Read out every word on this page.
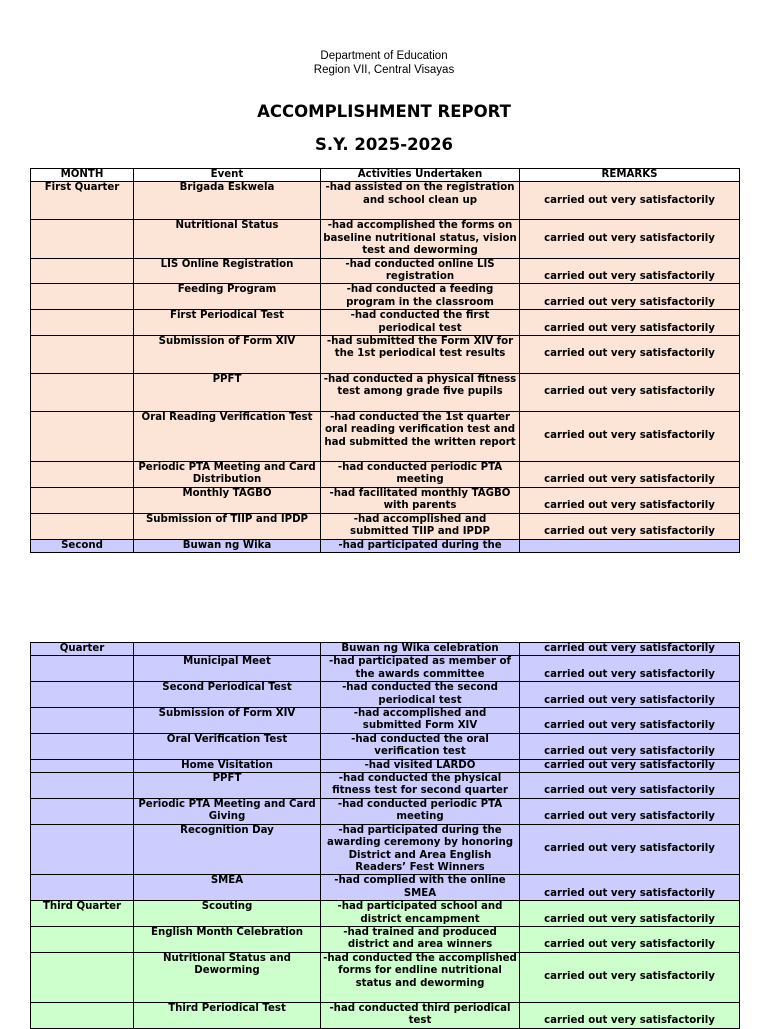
Department of Education
Region VII, Central Visayas
ACCOMPLISHMENT REPORT
S.Y. 2025-2026
MONTH	Event	Activities Undertaken	REMARKS
First Quarter	Brigada Eskwela	-had assisted on the registration and school clean up	carried out very satisfactorily
	Nutritional Status	-had accomplished the forms on baseline nutritional status, vision test and deworming	carried out very satisfactorily
	LIS Online Registration	-had conducted online LIS registration	carried out very satisfactorily
	Feeding Program	-had conducted a feeding program in the classroom	carried out very satisfactorily
	First Periodical Test	-had conducted the first periodical test	carried out very satisfactorily
	Submission of Form XIV	-had submitted the Form XIV for the 1st periodical test results	carried out very satisfactorily
	PPFT	-had conducted a physical fitness test among grade five pupils	carried out very satisfactorily
	Oral Reading Verification Test	-had conducted the 1st quarter oral reading verification test and had submitted the written report	carried out very satisfactorily
	Periodic PTA Meeting and Card Distribution	-had conducted periodic PTA meeting	carried out very satisfactorily
	Monthly TAGBO	-had facilitated monthly TAGBO with parents	carried out very satisfactorily
	Submission of TIIP and IPDP	-had accomplished and submitted TIIP and IPDP	carried out very satisfactorily
Second	Buwan ng Wika	-had participated during the	
Quarter		Buwan ng Wika celebration	carried out very satisfactorily
	Municipal Meet	-had participated as member of the awards committee	carried out very satisfactorily
	Second Periodical Test	-had conducted the second periodical test	carried out very satisfactorily
	Submission of Form XIV	-had accomplished and submitted Form XIV	carried out very satisfactorily
	Oral Verification Test	-had conducted the oral verification test	carried out very satisfactorily
	Home Visitation	-had visited LARDO	carried out very satisfactorily
	PPFT	-had conducted the physical fitness test for second quarter	carried out very satisfactorily
	Periodic PTA Meeting and Card Giving	-had conducted periodic PTA meeting	carried out very satisfactorily
	Recognition Day	-had participated during the awarding ceremony by honoring District and Area English Readers’ Fest Winners	carried out very satisfactorily
	SMEA	-had complied with the online SMEA	carried out very satisfactorily
Third Quarter	Scouting	-had participated school and district encampment	carried out very satisfactorily
	English Month Celebration	-had trained and produced district and area winners	carried out very satisfactorily
	Nutritional Status and Deworming	-had conducted the accomplished forms for endline nutritional status and deworming	carried out very satisfactorily
	Third Periodical Test	-had conducted third periodical test	carried out very satisfactorily
